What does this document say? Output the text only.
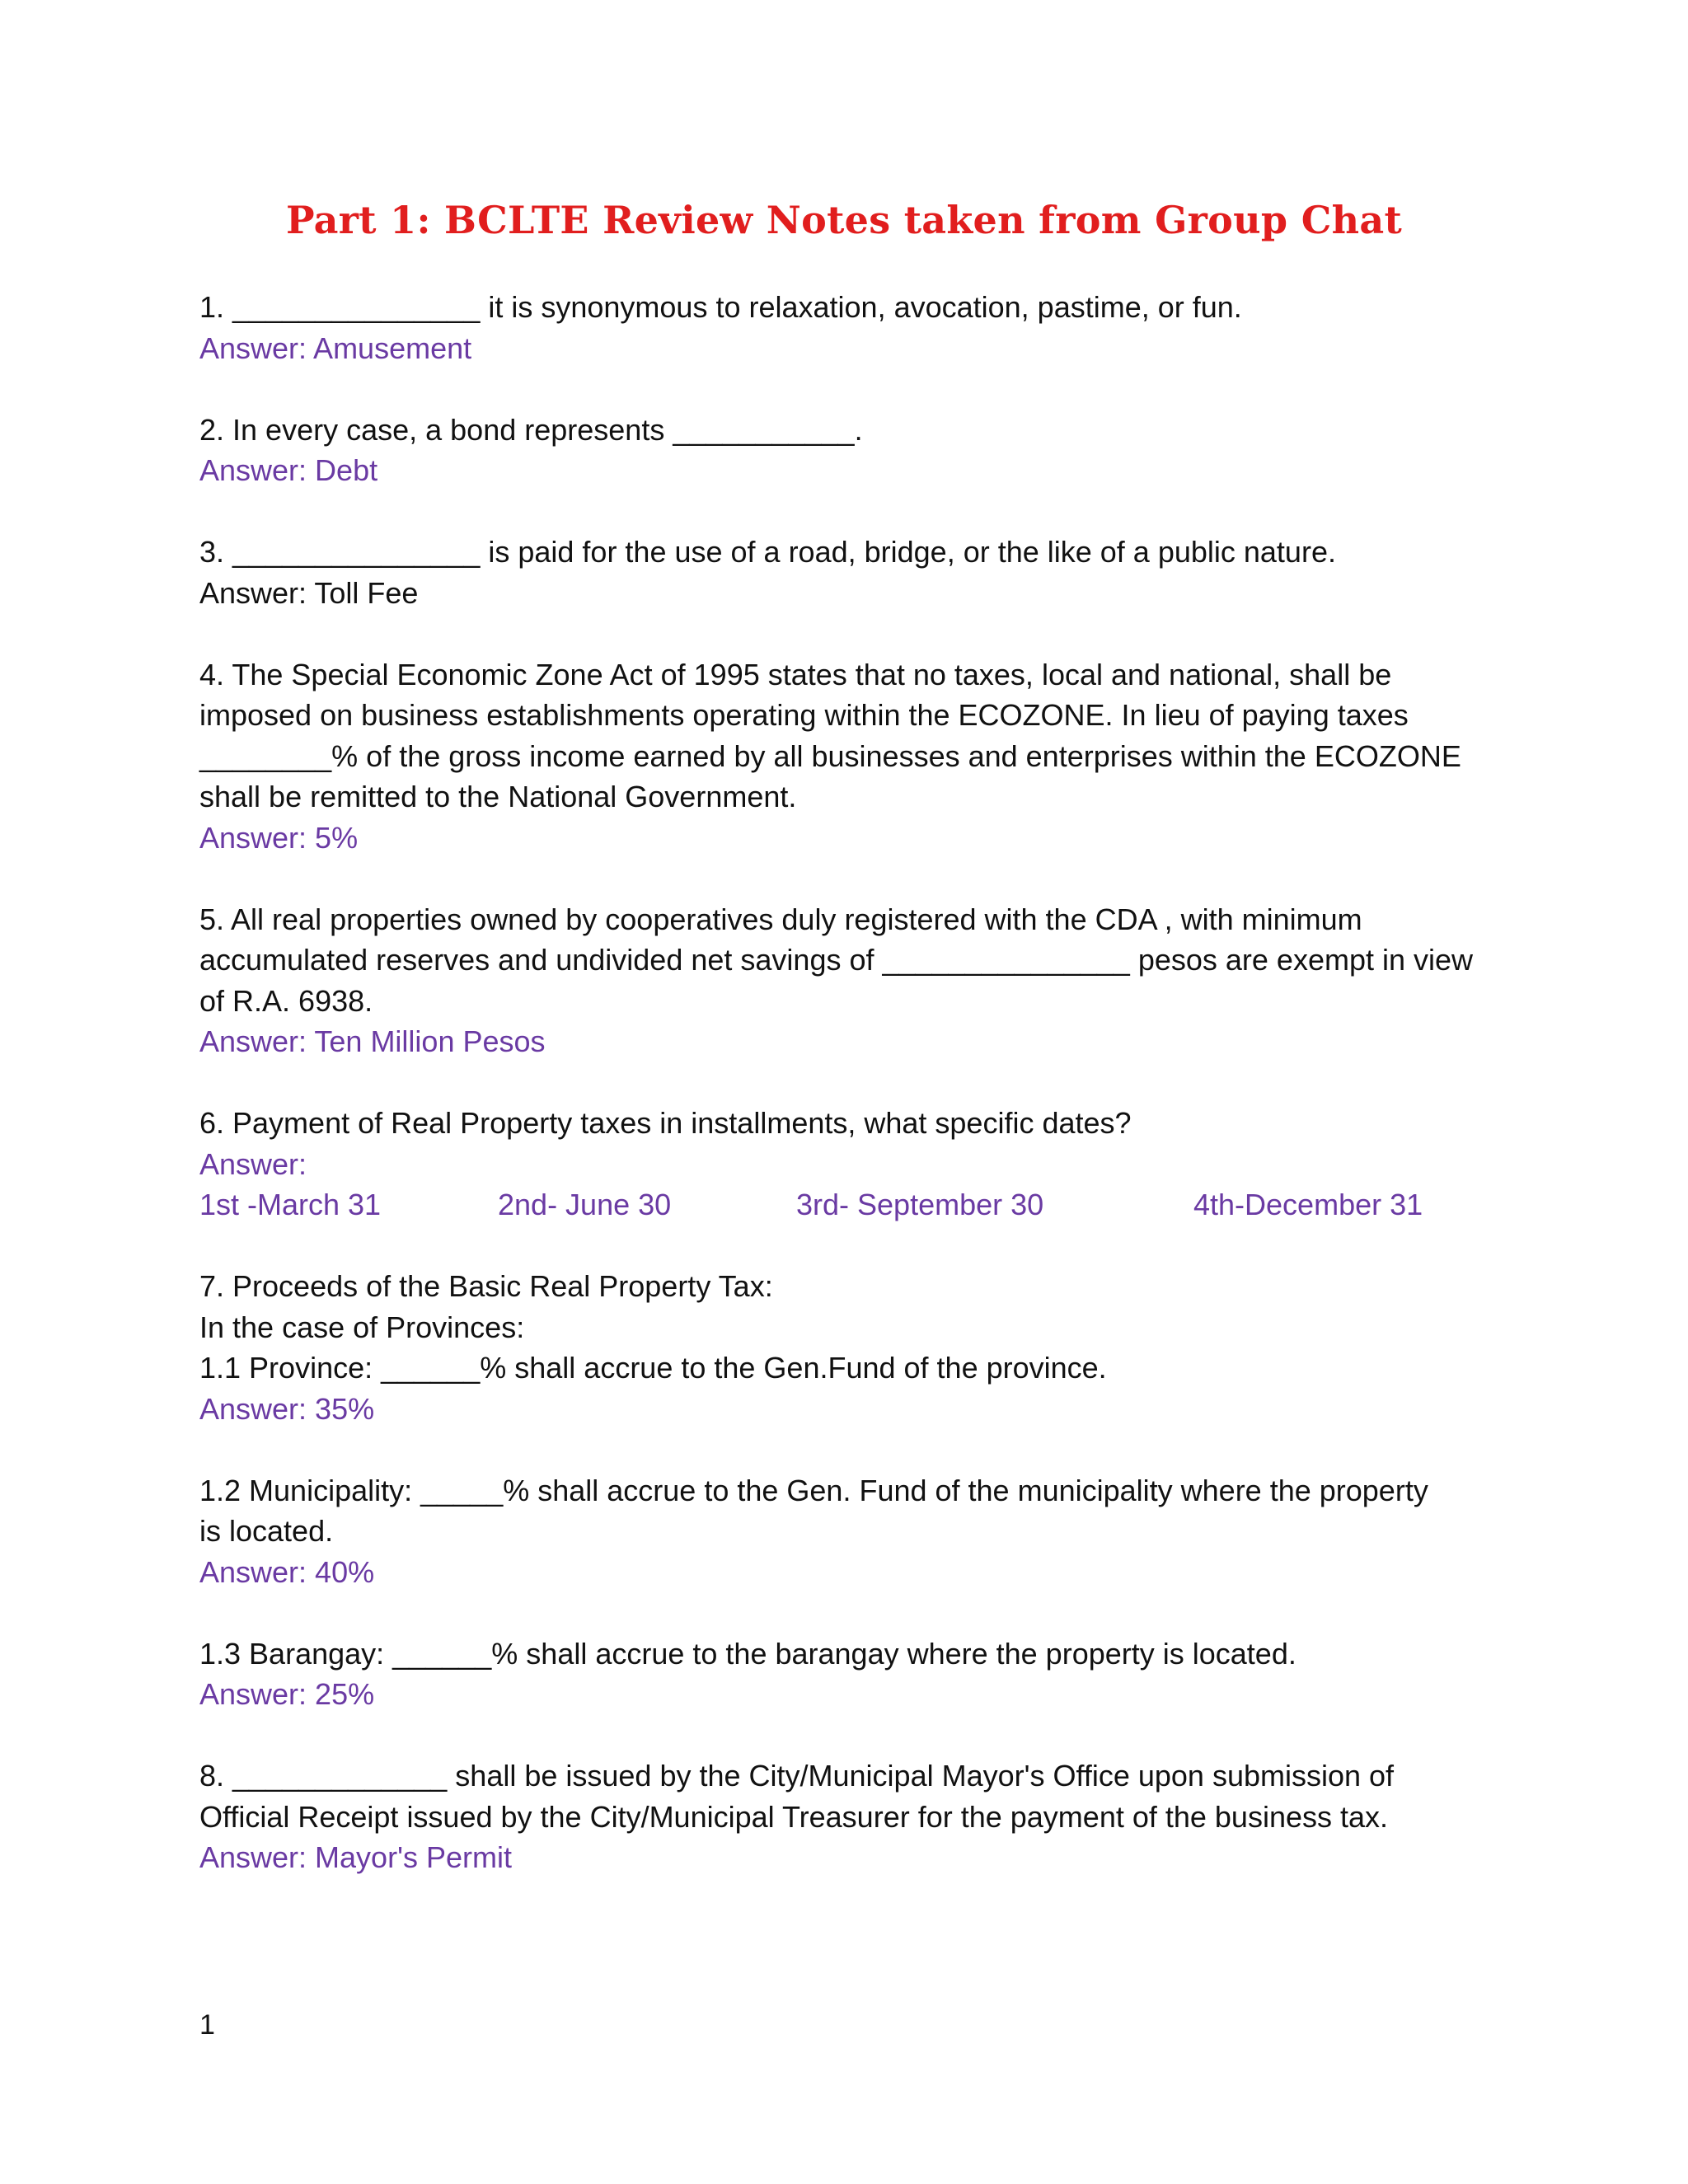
Part 1: BCLTE Review Notes taken from Group Chat

1. _______________ it is synonymous to relaxation, avocation, pastime, or fun.

Answer: Amusement

2. In every case, a bond represents ___________.

Answer: Debt

3. _______________ is paid for the use of a road, bridge, or the like of a public nature.

Answer: Toll Fee

4. The Special Economic Zone Act of 1995 states that no taxes, local and national, shall be

imposed on business establishments operating within the ECOZONE. In lieu of paying taxes

________% of the gross income earned by all businesses and enterprises within the ECOZONE

shall be remitted to the National Government.

Answer: 5%

5. All real properties owned by cooperatives duly registered with the CDA , with minimum

accumulated reserves and undivided net savings of _______________ pesos are exempt in view

of R.A. 6938.

Answer: Ten Million Pesos

6. Payment of Real Property taxes in installments, what specific dates?

Answer:

1st -March 31	2nd- June 30	3rd- September 30	4th-December 31

7. Proceeds of the Basic Real Property Tax:

In the case of Provinces:

1.1 Province: ______% shall accrue to the Gen.Fund of the province.

Answer: 35%

1.2 Municipality: _____% shall accrue to the Gen. Fund of the municipality where the property

is located.

Answer: 40%

1.3 Barangay: ______% shall accrue to the barangay where the property is located.

Answer: 25%

8. _____________ shall be issued by the City/Municipal Mayor's Office upon submission of

Official Receipt issued by the City/Municipal Treasurer for the payment of the business tax.

Answer: Mayor's Permit

1
